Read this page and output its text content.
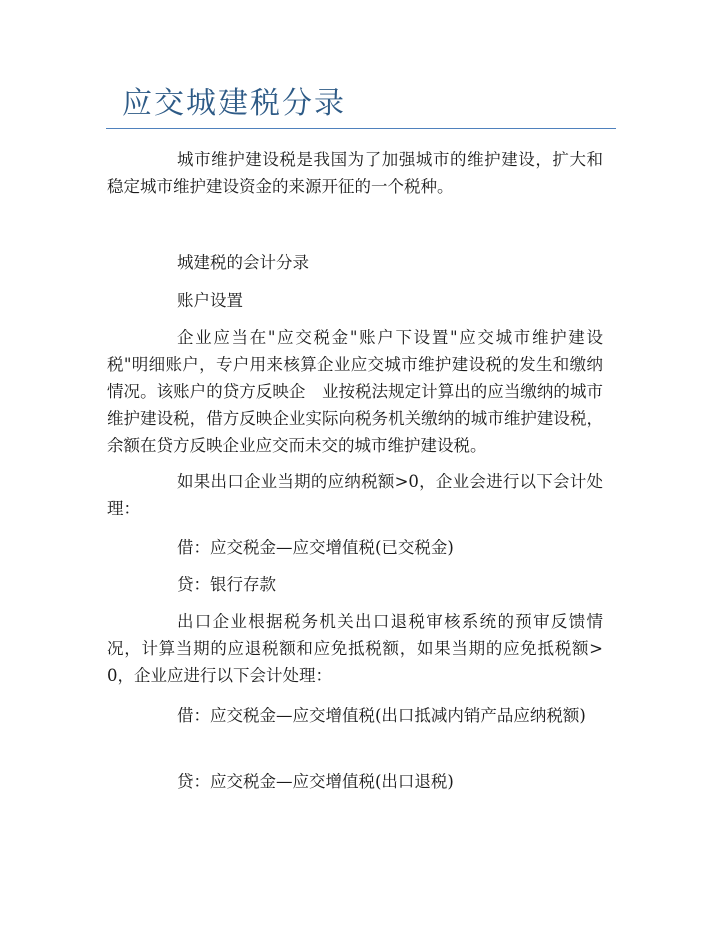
应交城建税分录

城市维护建设税是我国为了加强城市的维护建设，扩大和稳定城市维护建设资金的来源开征的一个税种。

城建税的会计分录

账户设置

企业应当在"应交税金"账户下设置"应交城市维护建设税"明细账户，专户用来核算企业应交城市维护建设税的发生和缴纳情况。该账户的贷方反映企　业按税法规定计算出的应当缴纳的城市维护建设税，借方反映企业实际向税务机关缴纳的城市维护建设税，余额在贷方反映企业应交而未交的城市维护建设税。

如果出口企业当期的应纳税额>0，企业会进行以下会计处理：

借：应交税金—应交增值税(已交税金)

贷：银行存款

出口企业根据税务机关出口退税审核系统的预审反馈情况，计算当期的应退税额和应免抵税额，如果当期的应免抵税额>0，企业应进行以下会计处理：

借：应交税金—应交增值税(出口抵减内销产品应纳税额)

贷：应交税金—应交增值税(出口退税)
